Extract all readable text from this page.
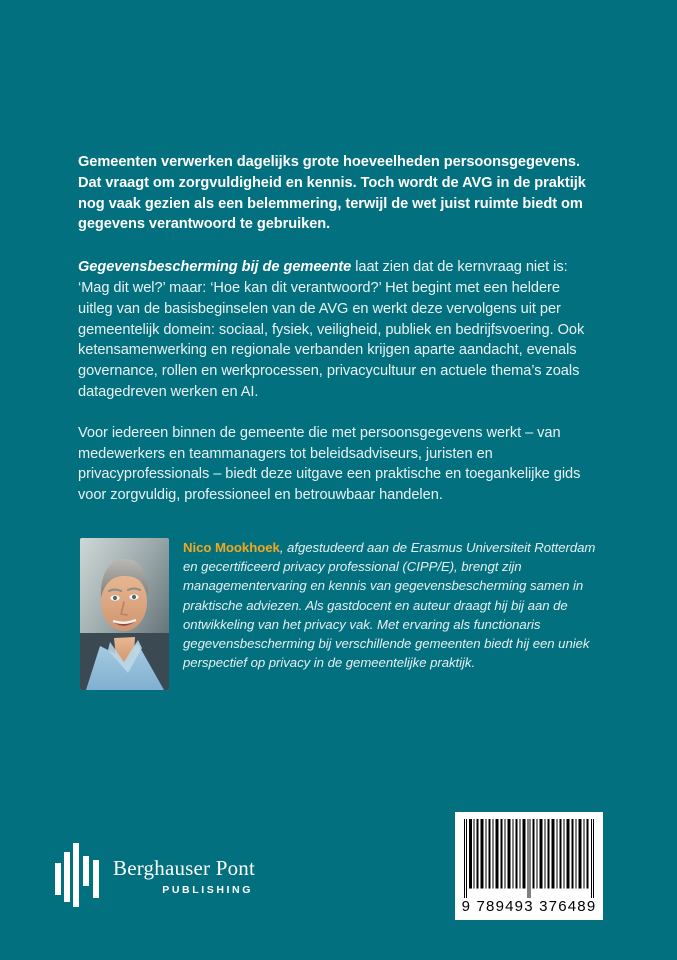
Gemeenten verwerken dagelijks grote hoeveelheden persoonsgegevens. Dat vraagt om zorgvuldigheid en kennis. Toch wordt de AVG in de praktijk nog vaak gezien als een belemmering, terwijl de wet juist ruimte biedt om gegevens verantwoord te gebruiken.

Gegevensbescherming bij de gemeente laat zien dat de kernvraag niet is: ‘Mag dit wel?’ maar: ‘Hoe kan dit verantwoord?’ Het begint met een heldere uitleg van de basisbeginselen van de AVG en werkt deze vervolgens uit per gemeentelijk domein: sociaal, fysiek, veiligheid, publiek en bedrijfsvoering. Ook ketensamenwerking en regionale verbanden krijgen aparte aandacht, evenals governance, rollen en werkprocessen, privacycultuur en actuele thema’s zoals datagedreven werken en AI.

Voor iedereen binnen de gemeente die met persoonsgegevens werkt – van medewerkers en teammanagers tot beleidsadviseurs, juristen en privacyprofessionals – biedt deze uitgave een praktische en toegankelijke gids voor zorgvuldig, professioneel en betrouwbaar handelen.

Nico Mookhoek, afgestudeerd aan de Erasmus Universiteit Rotterdam en gecertificeerd privacy professional (CIPP/E), brengt zijn managementervaring en kennis van gegevensbescherming samen in praktische adviezen. Als gastdocent en auteur draagt hij bij aan de ontwikkeling van het privacy vak. Met ervaring als functionaris gegevensbescherming bij verschillende gemeenten biedt hij een uniek perspectief op privacy in de gemeentelijke praktijk.
Berghauser Pont
PUBLISHING
9 789493 376489
